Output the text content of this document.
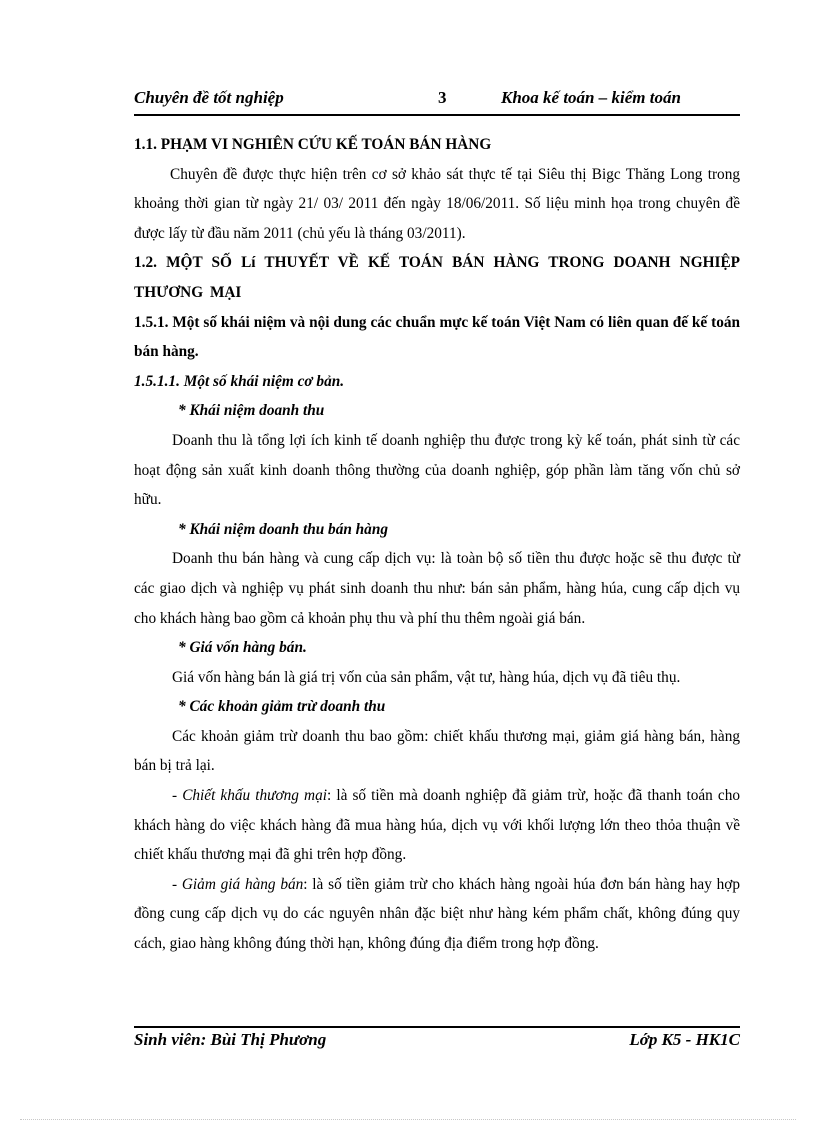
Chuyên đề tốt nghiệp	3	Khoa kế toán – kiểm toán

1.1. PHẠM VI NGHIÊN CỨU KẾ TOÁN BÁN HÀNG

Chuyên đề được thực hiện trên cơ sở khảo sát thực tế tại Siêu thị Bigc Thăng Long trong khoảng thời gian từ ngày 21/ 03/ 2011 đến ngày 18/06/2011. Số liệu minh họa trong chuyên đề được lấy từ đầu năm 2011 (chủ yếu là tháng 03/2011).

1.2. MỘT SỐ Lí THUYẾT VỀ KẾ TOÁN BÁN HÀNG TRONG DOANH NGHIỆP THƯƠNG MẠI

1.5.1. Một số khái niệm và nội dung các chuẩn mực kế toán Việt Nam có liên quan đế kế toán bán hàng.

1.5.1.1. Một số khái niệm cơ bản.

* Khái niệm doanh thu

Doanh thu là tổng lợi ích kinh tế doanh nghiệp thu được trong kỳ kế toán, phát sinh từ các hoạt động sản xuất kinh doanh thông thường của doanh nghiệp, góp phần làm tăng vốn chủ sở hữu.

* Khái niệm doanh thu bán hàng

Doanh thu bán hàng và cung cấp dịch vụ: là toàn bộ số tiền thu được hoặc sẽ thu được từ các giao dịch và nghiệp vụ phát sinh doanh thu như: bán sản phẩm, hàng húa, cung cấp dịch vụ cho khách hàng bao gồm cả khoản phụ thu và phí thu thêm ngoài giá bán.

* Giá vốn hàng bán.

Giá vốn hàng bán là giá trị vốn của sản phẩm, vật tư, hàng húa, dịch vụ đã tiêu thụ.

* Các khoản giảm trừ doanh thu

Các khoản giảm trừ doanh thu bao gồm: chiết khấu thương mại, giảm giá hàng bán, hàng bán bị trả lại.

- Chiết khấu thương mại: là số tiền mà doanh nghiệp đã giảm trừ, hoặc đã thanh toán cho khách hàng do việc khách hàng đã mua hàng húa, dịch vụ với khối lượng lớn theo thỏa thuận về chiết khấu thương mại đã ghi trên hợp đồng.

- Giảm giá hàng bán: là số tiền giảm trừ cho khách hàng ngoài húa đơn bán hàng hay hợp đồng cung cấp dịch vụ do các nguyên nhân đặc biệt như hàng kém phẩm chất, không đúng quy cách, giao hàng không đúng thời hạn, không đúng địa điểm trong hợp đồng.

Sinh viên: Bùi Thị Phương	Lớp K5 - HK1C
